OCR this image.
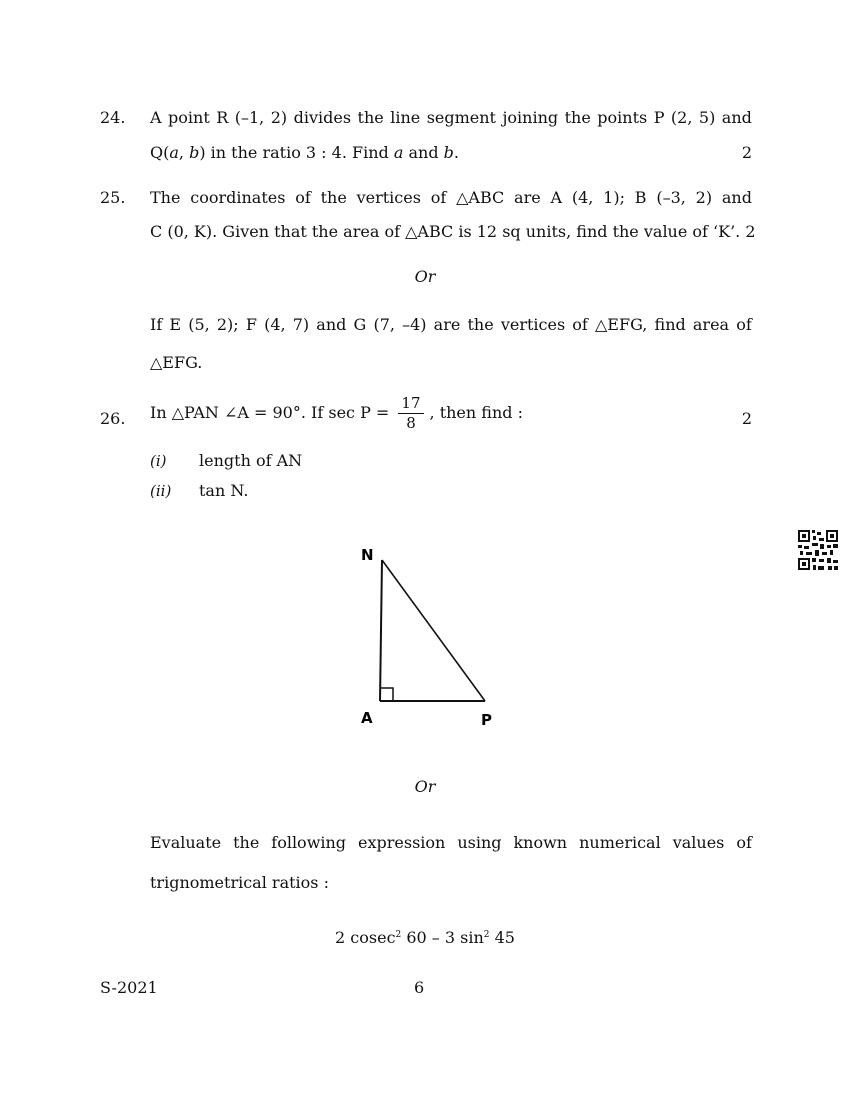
24. A point R (–1, 2) divides the line segment joining the points P (2, 5) and
Q(a, b) in the ratio 3 : 4. Find a and b.	2
25. The coordinates of the vertices of △ABC are A (4, 1); B (–3, 2) and
C (0, K). Given that the area of △ABC is 12 sq units, find the value of ‘K’. 2
Or
If E (5, 2); F (4, 7) and G (7, –4) are the vertices of △EFG, find area of
△EFG.
26. In △PAN ∠A = 90°. If $\sec P = \frac{17}{8}$ , then find :	2
(i) length of AN
(ii) tan N.
N
A	P
Or
Evaluate the following expression using known numerical values of
trignometrical ratios :
2 cosec$^2$ 60 – 3 $\sin^2 45$
S-2021	6
